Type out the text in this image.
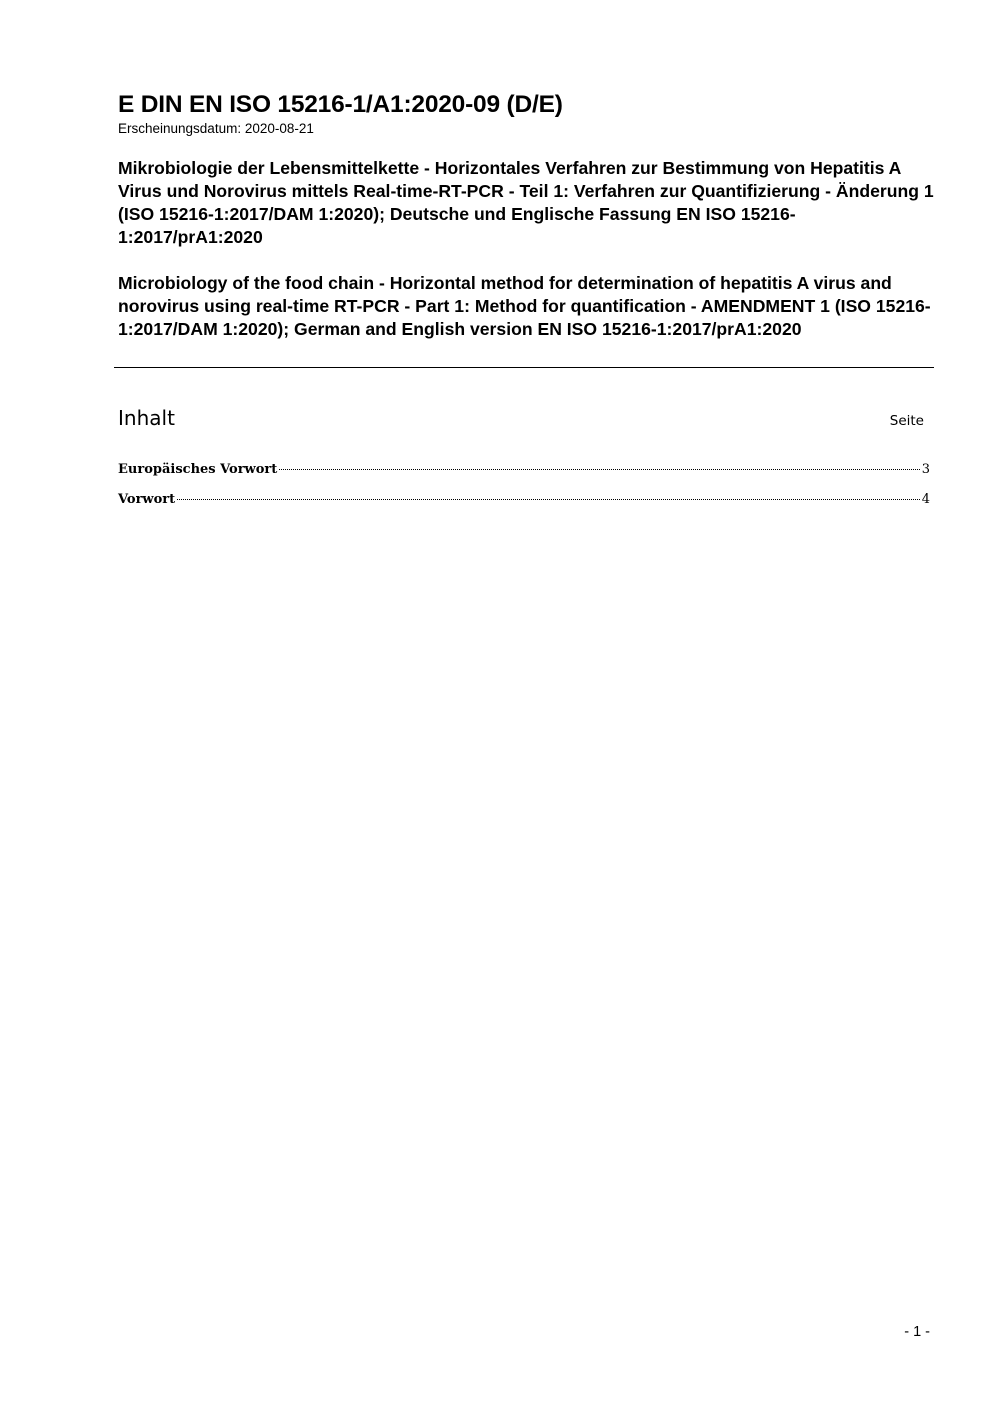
E DIN EN ISO 15216-1/A1:2020-09 (D/E)

Erscheinungsdatum: 2020-08-21

Mikrobiologie der Lebensmittelkette - Horizontales Verfahren zur Bestimmung von Hepatitis A Virus und Norovirus mittels Real-time-RT-PCR - Teil 1: Verfahren zur Quantifizierung - Änderung 1 (ISO 15216-1:2017/DAM 1:2020); Deutsche und Englische Fassung EN ISO 15216-1:2017/prA1:2020

Microbiology of the food chain - Horizontal method for determination of hepatitis A virus and norovirus using real-time RT-PCR - Part 1: Method for quantification - AMENDMENT 1 (ISO 15216-1:2017/DAM 1:2020); German and English version EN ISO 15216-1:2017/prA1:2020

Inhalt	Seite
Europäisches Vorwort	3
Vorwort	4
- 1 -
